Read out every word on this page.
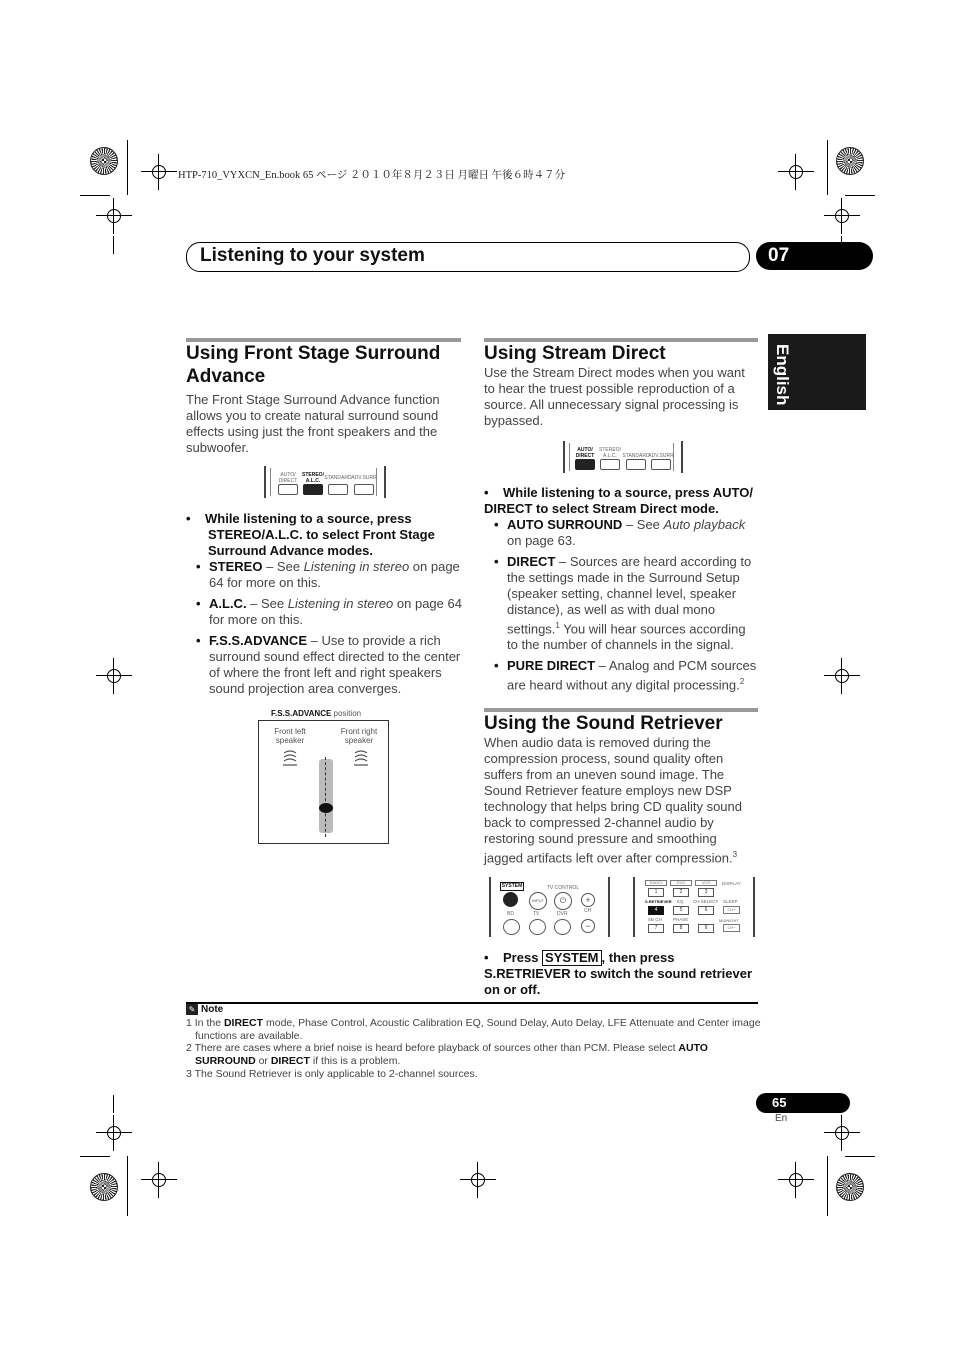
HTP-710_VYXCN_En.book 65 ページ ２０１０年８月２３日 月曜日 午後６時４７分
Listening to your system	07
English
Using Front Stage Surround Advance

The Front Stage Surround Advance function allows you to create natural surround sound effects using just the front speakers and the subwoofer.

AUTO/ DIRECT
STEREO/ A.L.C. STANDARD ADV.SURR

•    While listening to a source, press STEREO/A.L.C. to select Front Stage Surround Advance modes.

• STEREO – See Listening in stereo on page 64 for more on this.
• A.L.C. – See Listening in stereo on page 64 for more on this.
• F.S.S.ADVANCE – Use to provide a rich surround sound effect directed to the center of where the front left and right speakers sound projection area converges.
F.S.S.ADVANCE position
Front left speaker
Front right speaker
Using Stream Direct

Use the Stream Direct modes when you want to hear the truest possible reproduction of a source. All unnecessary signal processing is bypassed.

AUTO/ DIRECT
STEREO/ A.L.C.	STANDARD
ADV.SURR

•    While listening to a source, press AUTO/ DIRECT to select Stream Direct mode.

• AUTO SURROUND – See Auto playback on page 63.
• DIRECT – Sources are heard according to the settings made in the Surround Setup (speaker setting, channel level, speaker distance), as well as with dual mono settings.$^1$ You will hear sources according to the number of channels in the signal.
• PURE DIRECT – Analog and PCM sources are heard without any digital processing.$^2$
Using the Sound Retriever

When audio data is removed during the compression process, sound quality often suffers from an uneven sound image. The Sound Retriever feature employs new DSP technology that helps bring CD quality sound back to compressed 2-channel audio by restoring sound pressure and smoothing jagged artifacts left over after compression.$^3$

SYSTEM	TV CONTROL
INPUT	⏻	+
CH
−
BD	TV	DVR
RADIO	DVD	VCR	DISPLAY
1	2	3
S.RETRIEVER EQ CH SELECT SLEEP
4	5	6	CH+
SB CH PHASE	MIDNIGHT
7	8	9	CH−

•    Press SYSTEM , then press S.RETRIEVER to switch the sound retriever on or off.

✎ Note
1 In the DIRECT mode, Phase Control, Acoustic Calibration EQ, Sound Delay, Auto Delay, LFE Attenuate and Center image functions are available.
2 There are cases where a brief noise is heard before playback of sources other than PCM. Please select AUTO SURROUND or DIRECT if this is a problem.
3 The Sound Retriever is only applicable to 2-channel sources.
65
En
